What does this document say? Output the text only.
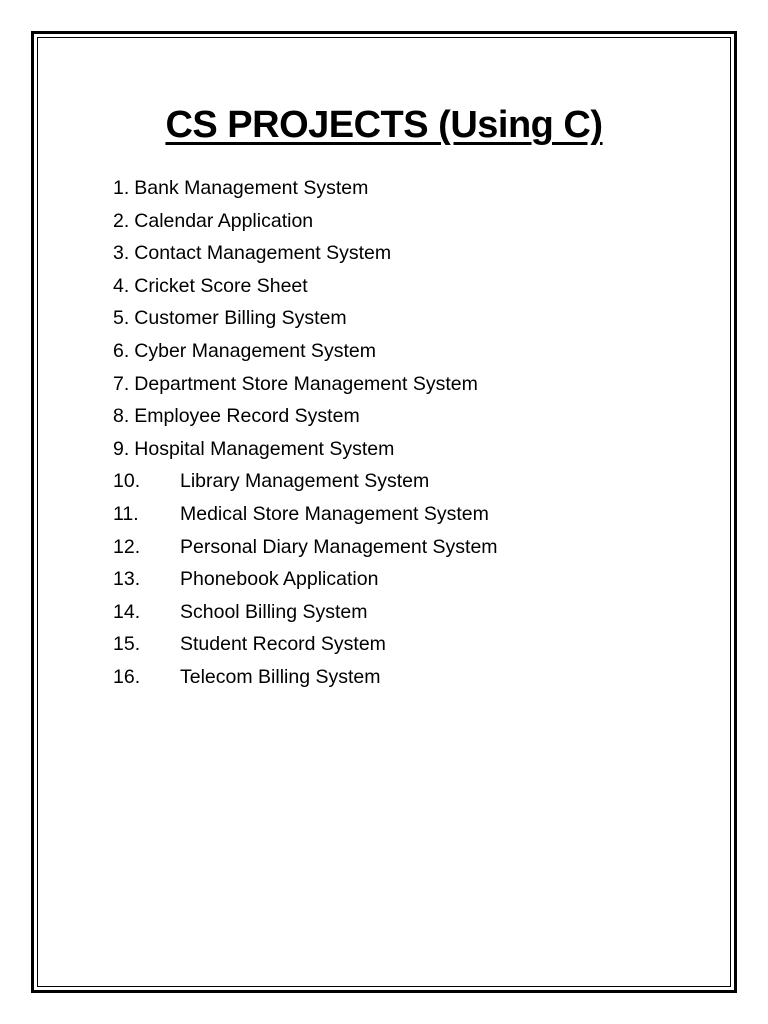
CS PROJECTS (Using C)
1. Bank Management System
2. Calendar Application
3. Contact Management System
4. Cricket Score Sheet
5. Customer Billing System
6. Cyber Management System
7. Department Store Management System
8. Employee Record System
9. Hospital Management System
10.	Library Management System
11.	Medical Store Management System
12.	Personal Diary Management System
13.	Phonebook Application
14.	School Billing System
15.	Student Record System
16.	Telecom Billing System
